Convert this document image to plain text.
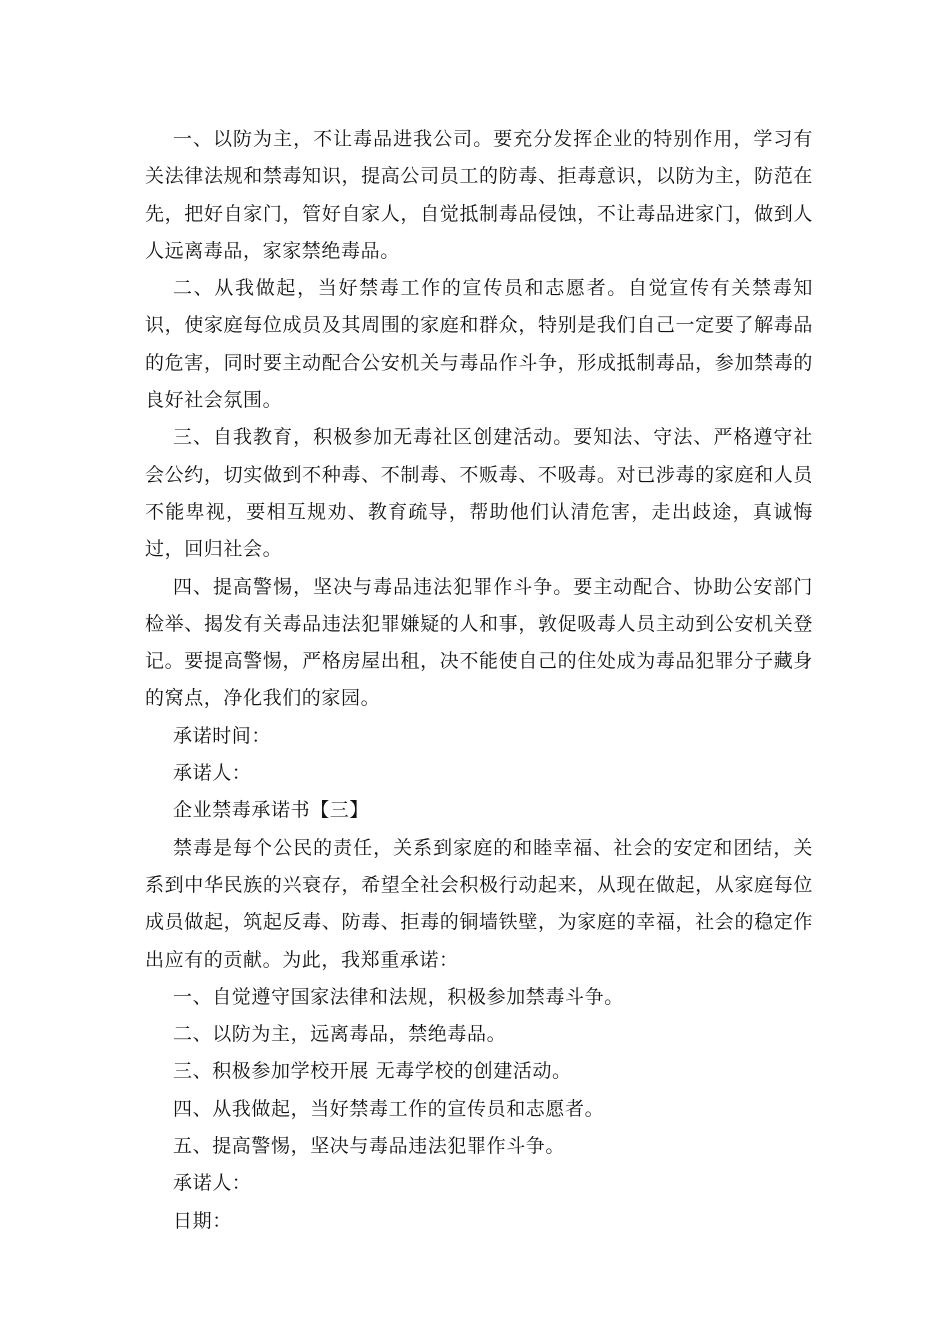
一、以防为主，不让毒品进我公司。要充分发挥企业的特别作用，学习有关法律法规和禁毒知识，提高公司员工的防毒、拒毒意识，以防为主，防范在先，把好自家门，管好自家人，自觉抵制毒品侵蚀，不让毒品进家门，做到人人远离毒品，家家禁绝毒品。

二、从我做起，当好禁毒工作的宣传员和志愿者。自觉宣传有关禁毒知识，使家庭每位成员及其周围的家庭和群众，特别是我们自己一定要了解毒品的危害，同时要主动配合公安机关与毒品作斗争，形成抵制毒品，参加禁毒的良好社会氛围。

三、自我教育，积极参加无毒社区创建活动。要知法、守法、严格遵守社会公约，切实做到不种毒、不制毒、不贩毒、不吸毒。对已涉毒的家庭和人员不能卑视，要相互规劝、教育疏导，帮助他们认清危害，走出歧途，真诚悔过，回归社会。

四、提高警惕，坚决与毒品违法犯罪作斗争。要主动配合、协助公安部门检举、揭发有关毒品违法犯罪嫌疑的人和事，敦促吸毒人员主动到公安机关登记。要提高警惕，严格房屋出租，决不能使自己的住处成为毒品犯罪分子藏身的窝点，净化我们的家园。

承诺时间：

承诺人：

企业禁毒承诺书【三】

禁毒是每个公民的责任，关系到家庭的和睦幸福、社会的安定和团结，关系到中华民族的兴衰存，希望全社会积极行动起来，从现在做起，从家庭每位成员做起，筑起反毒、防毒、拒毒的铜墙铁壁，为家庭的幸福，社会的稳定作出应有的贡献。为此，我郑重承诺：

一、自觉遵守国家法律和法规，积极参加禁毒斗争。

二、以防为主，远离毒品，禁绝毒品。

三、积极参加学校开展 无毒学校的创建活动。

四、从我做起，当好禁毒工作的宣传员和志愿者。

五、提高警惕，坚决与毒品违法犯罪作斗争。

承诺人：

日期：
